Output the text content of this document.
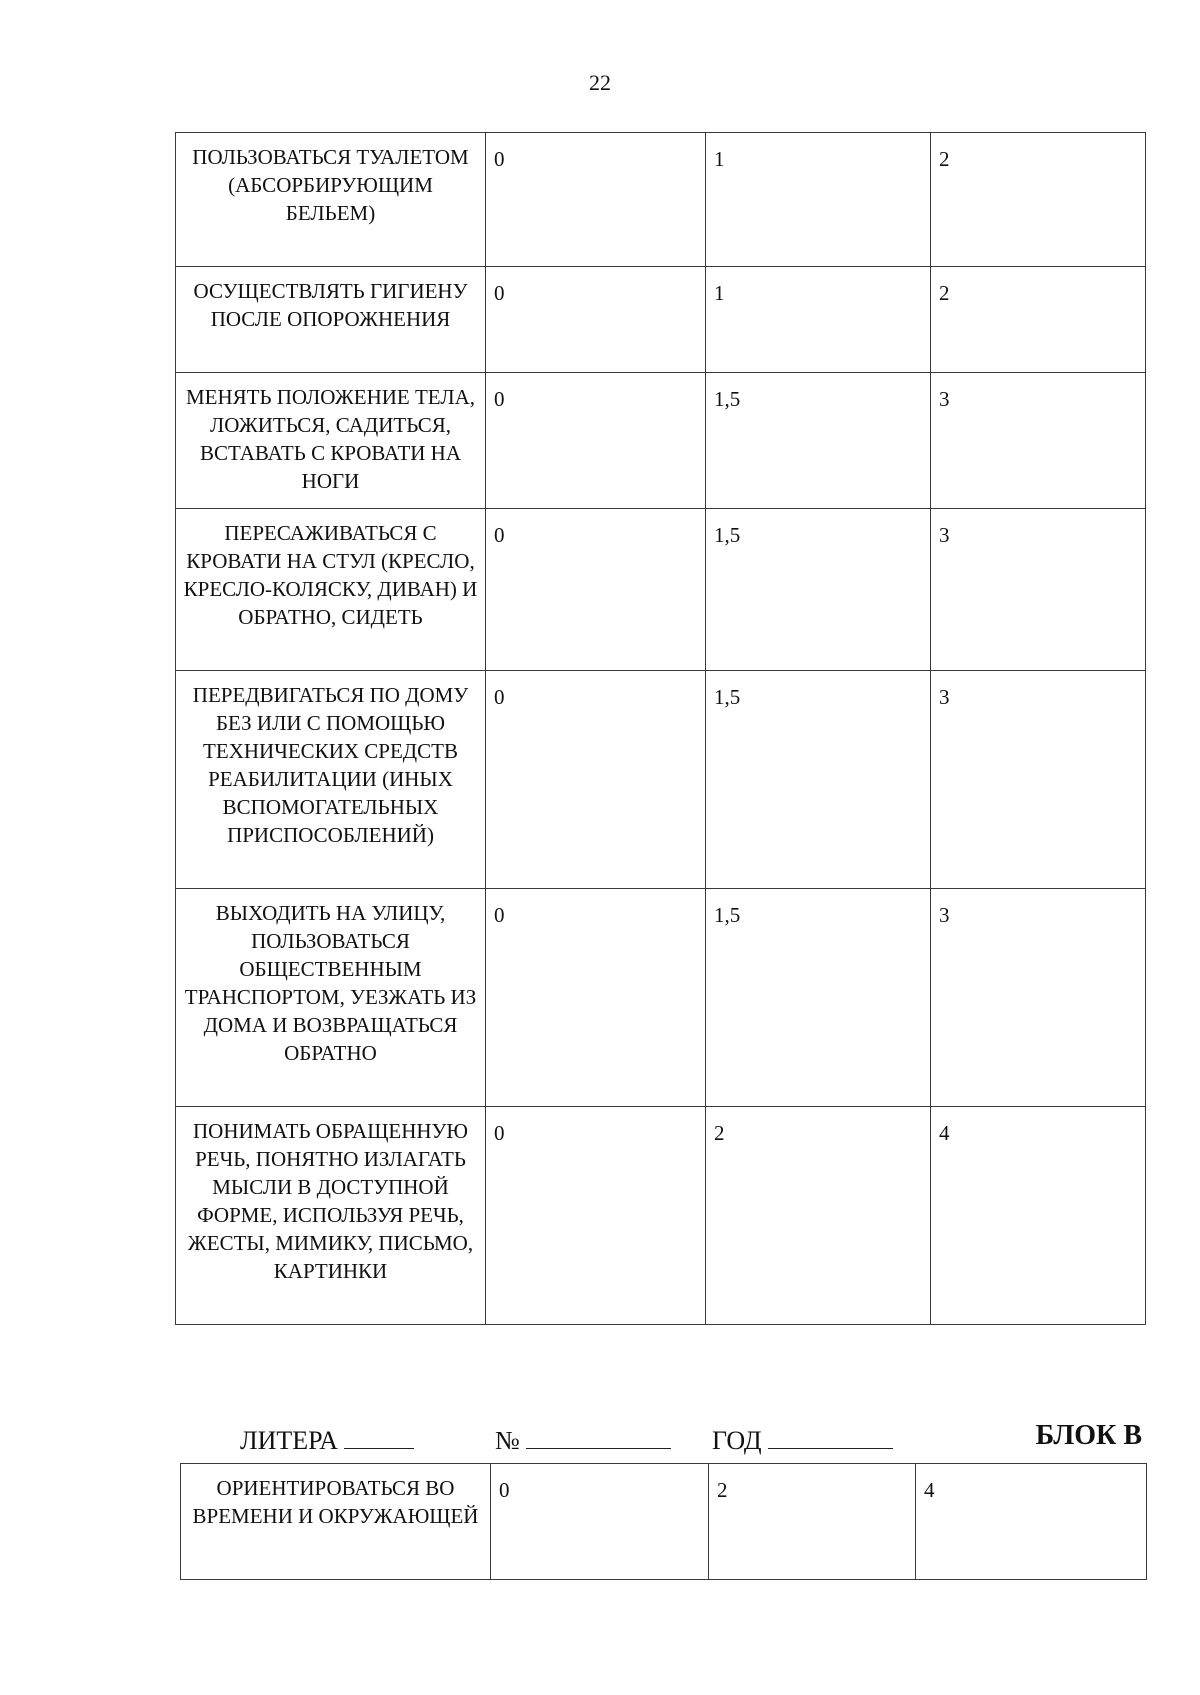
22
ПОЛЬЗОВАТЬСЯ ТУАЛЕТОМ (АБСОРБИРУЮЩИМ БЕЛЬЕМ)	0	1	2
ОСУЩЕСТВЛЯТЬ ГИГИЕНУ ПОСЛЕ ОПОРОЖНЕНИЯ	0	1	2
МЕНЯТЬ ПОЛОЖЕНИЕ ТЕЛА, ЛОЖИТЬСЯ, САДИТЬСЯ, ВСТАВАТЬ С КРОВАТИ НА НОГИ	0	1,5	3
ПЕРЕСАЖИВАТЬСЯ С КРОВАТИ НА СТУЛ (КРЕСЛО, КРЕСЛО-КОЛЯСКУ, ДИВАН) И ОБРАТНО, СИДЕТЬ	0	1,5	3
ПЕРЕДВИГАТЬСЯ ПО ДОМУ БЕЗ ИЛИ С ПОМОЩЬЮ ТЕХНИЧЕСКИХ СРЕДСТВ РЕАБИЛИТАЦИИ (ИНЫХ ВСПОМОГАТЕЛЬНЫХ ПРИСПОСОБЛЕНИЙ)	0	1,5	3
ВЫХОДИТЬ НА УЛИЦУ, ПОЛЬЗОВАТЬСЯ ОБЩЕСТВЕННЫМ ТРАНСПОРТОМ, УЕЗЖАТЬ ИЗ ДОМА И ВОЗВРАЩАТЬСЯ ОБРАТНО	0	1,5	3
ПОНИМАТЬ ОБРАЩЕННУЮ РЕЧЬ, ПОНЯТНО ИЗЛАГАТЬ МЫСЛИ В ДОСТУПНОЙ ФОРМЕ, ИСПОЛЬЗУЯ РЕЧЬ, ЖЕСТЫ, МИМИКУ, ПИСЬМО, КАРТИНКИ	0	2	4
ЛИТЕРА	№	ГОД	БЛОК В
ОРИЕНТИРОВАТЬСЯ ВО ВРЕМЕНИ И ОКРУЖАЮЩЕЙ	0	2	4
